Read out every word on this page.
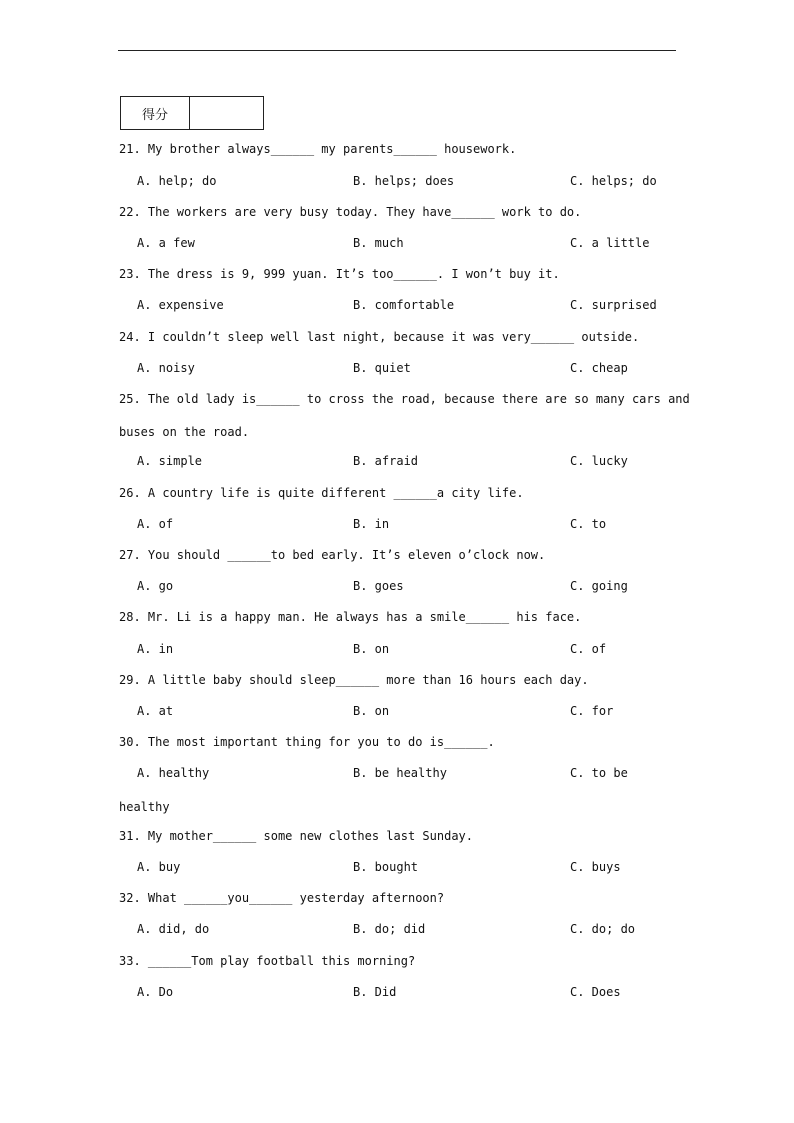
得分
21. My brother always______ my parents______ housework.
A. help; do	B. helps; does	C. helps; do
22. The workers are very busy today. They have______ work to do.
A. a few	B. much	C. a little
23. The dress is 9, 999 yuan. It’s too______. I won’t buy it.
A. expensive	B. comfortable	C. surprised
24. I couldn’t sleep well last night, because it was very______ outside.
A. noisy	B. quiet	C. cheap
25. The old lady is______ to cross the road, because there are so many cars and
buses on the road.
A. simple	B. afraid	C. lucky
26. A country life is quite different ______a city life.
A. of	B. in	C. to
27. You should ______to bed early. It’s eleven o’clock now.
A. go	B. goes	C. going
28. Mr. Li is a happy man. He always has a smile______ his face.
A. in	B. on	C. of
29. A little baby should sleep______ more than 16 hours each day.
A. at	B. on	C. for
30. The most important thing for you to do is______.
A. healthy	B. be healthy	C. to be
healthy
31. My mother______ some new clothes last Sunday.
A. buy	B. bought	C. buys
32. What ______you______ yesterday afternoon?
A. did, do	B. do; did	C. do; do
33. ______Tom play football this morning?
A. Do	B. Did	C. Does
